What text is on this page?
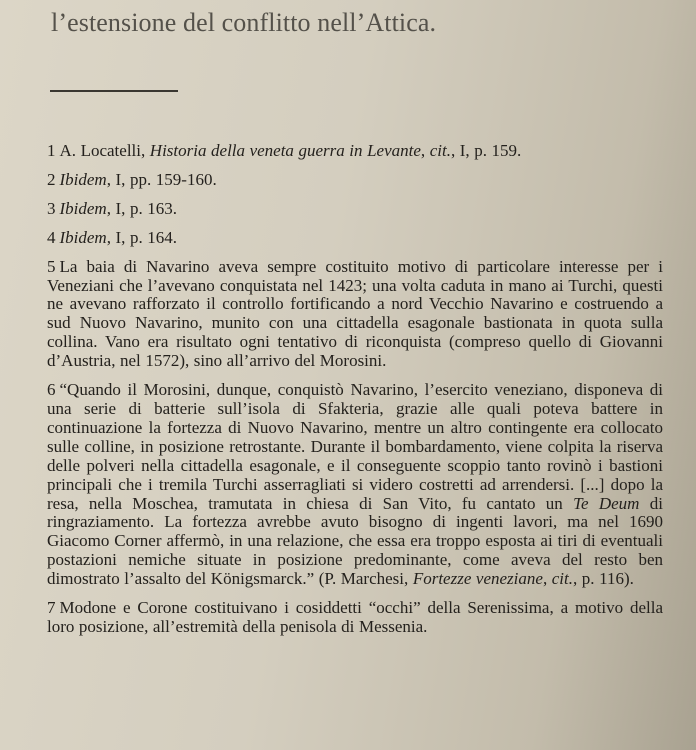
l’estensione del conflitto nell’Attica.

1 A. Locatelli, Historia della veneta guerra in Levante, cit., I, p. 159.

2 Ibidem, I, pp. 159-160.

3 Ibidem, I, p. 163.

4 Ibidem, I, p. 164.

5 La baia di Navarino aveva sempre costituito motivo di particolare interesse per i Veneziani che l’avevano conquistata nel 1423; una volta caduta in mano ai Turchi, questi ne avevano rafforzato il controllo fortificando a nord Vecchio Navarino e costruendo a sud Nuovo Navarino, munito con una cittadella esagonale bastionata in quota sulla collina. Vano era risultato ogni tentativo di riconquista (compreso quello di Giovanni d’Austria, nel 1572), sino all’arrivo del Morosini.

6 “Quando il Morosini, dunque, conquistò Navarino, l’esercito veneziano, disponeva di una serie di batterie sull’isola di Sfakteria, grazie alle quali poteva battere in continuazione la fortezza di Nuovo Navarino, mentre un altro contingente era collocato sulle colline, in posizione retrostante. Durante il bombardamento, viene colpita la riserva delle polveri nella cittadella esagonale, e il conseguente scoppio tanto rovinò i bastioni principali che i tremila Turchi asserragliati si videro costretti ad arrendersi. [...] dopo la resa, nella Moschea, tramutata in chiesa di San Vito, fu cantato un Te Deum di ringraziamento. La fortezza avrebbe avuto bisogno di ingenti lavori, ma nel 1690 Giacomo Corner affermò, in una relazione, che essa era troppo esposta ai tiri di eventuali postazioni nemiche situate in posizione predominante, come aveva del resto ben dimostrato l’assalto del Königsmarck.” (P. Marchesi, Fortezze veneziane, cit., p. 116).

7 Modone e Corone costituivano i cosiddetti “occhi” della Serenissima, a motivo della loro posizione, all’estremità della penisola di Messenia.
